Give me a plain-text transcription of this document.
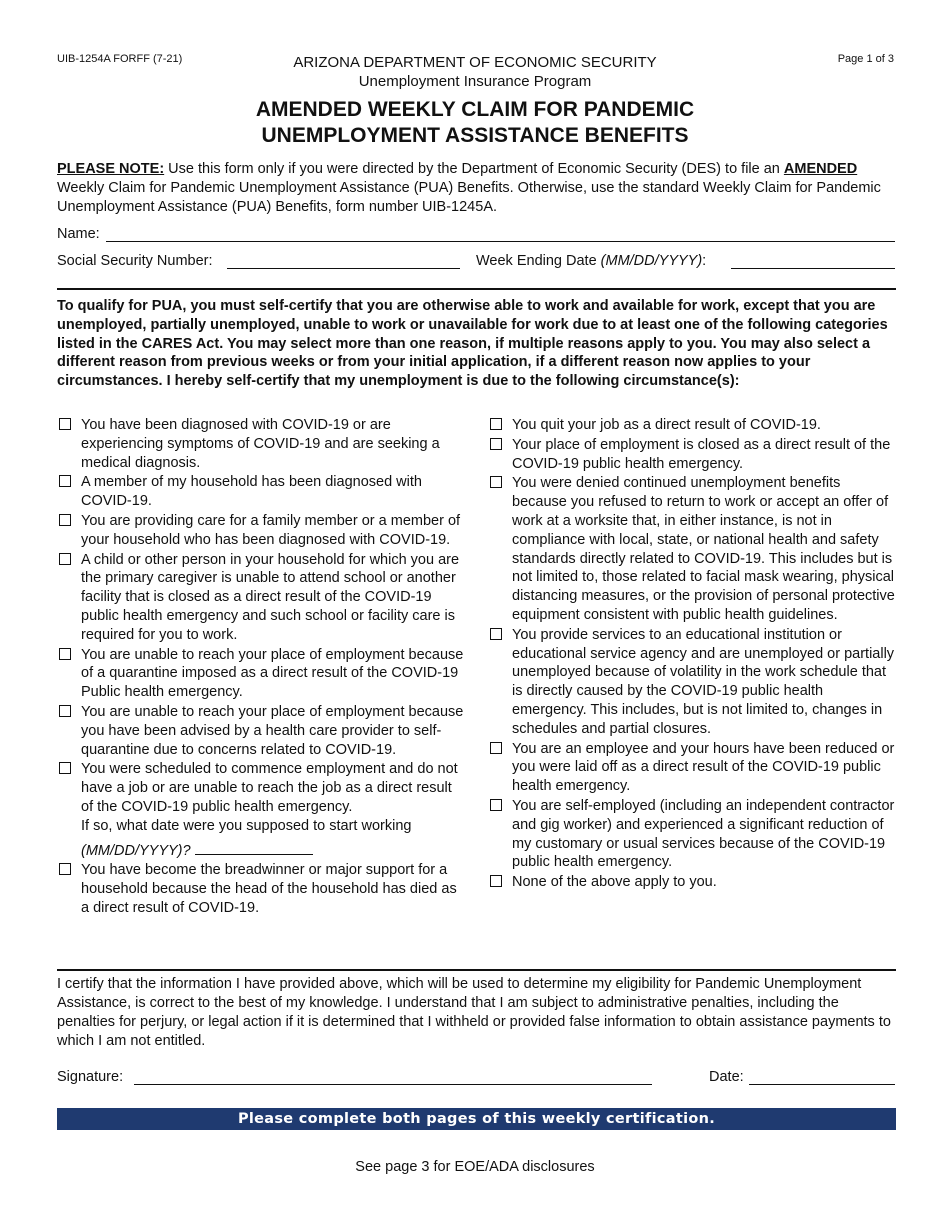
UIB-1254A FORFF (7-21)	Page 1 of 3
ARIZONA DEPARTMENT OF ECONOMIC SECURITY
Unemployment Insurance Program
AMENDED WEEKLY CLAIM FOR PANDEMIC
UNEMPLOYMENT ASSISTANCE BENEFITS
PLEASE NOTE: Use this form only if you were directed by the Department of Economic Security (DES) to file an AMENDED Weekly Claim for Pandemic Unemployment Assistance (PUA) Benefits. Otherwise, use the standard Weekly Claim for Pandemic Unemployment Assistance (PUA) Benefits, form number UIB-1245A.
Name:
Social Security Number:	Week Ending Date (MM/DD/YYYY):
To qualify for PUA, you must self-certify that you are otherwise able to work and available for work, except that you are unemployed, partially unemployed, unable to work or unavailable for work due to at least one of the following categories listed in the CARES Act. You may select more than one reason, if multiple reasons apply to you. You may also select a different reason from previous weeks or from your initial application, if a different reason now applies to your circumstances. I hereby self-certify that my unemployment is due to the following circumstance(s):
You have been diagnosed with COVID-19 or are experiencing symptoms of COVID-19 and are seeking a medical diagnosis.
A member of my household has been diagnosed with COVID-19.
You are providing care for a family member or a member of your household who has been diagnosed with COVID-19.
A child or other person in your household for which you are the primary caregiver is unable to attend school or another facility that is closed as a direct result of the COVID-19 public health emergency and such school or facility care is required for you to work.
You are unable to reach your place of employment because of a quarantine imposed as a direct result of the COVID-19 Public health emergency.
You are unable to reach your place of employment because you have been advised by a health care provider to self-quarantine due to concerns related to COVID-19.
You were scheduled to commence employment and do not have a job or are unable to reach the job as a direct result of the COVID-19 public health emergency.
If so, what date were you supposed to start working
(MM/DD/YYYY)?
You have become the breadwinner or major support for a household because the head of the household has died as a direct result of COVID-19.
You quit your job as a direct result of COVID-19.
Your place of employment is closed as a direct result of the COVID-19 public health emergency.
You were denied continued unemployment benefits because you refused to return to work or accept an offer of work at a worksite that, in either instance, is not in compliance with local, state, or national health and safety standards directly related to COVID-19. This includes but is not limited to, those related to facial mask wearing, physical distancing measures, or the provision of personal protective equipment consistent with public health guidelines.
You provide services to an educational institution or educational service agency and are unemployed or partially unemployed because of volatility in the work schedule that is directly caused by the COVID-19 public health emergency. This includes, but is not limited to, changes in schedules and partial closures.
You are an employee and your hours have been reduced or you were laid off as a direct result of the COVID-19 public health emergency.
You are self-employed (including an independent contractor and gig worker) and experienced a significant reduction of my customary or usual services because of the COVID-19 public health emergency.
None of the above apply to you.
I certify that the information I have provided above, which will be used to determine my eligibility for Pandemic Unemployment Assistance, is correct to the best of my knowledge. I understand that I am subject to administrative penalties, including the penalties for perjury, or legal action if it is determined that I withheld or provided false information to obtain assistance payments to which I am not entitled.
Signature:	Date:
Please complete both pages of this weekly certification.
See page 3 for EOE/ADA disclosures
